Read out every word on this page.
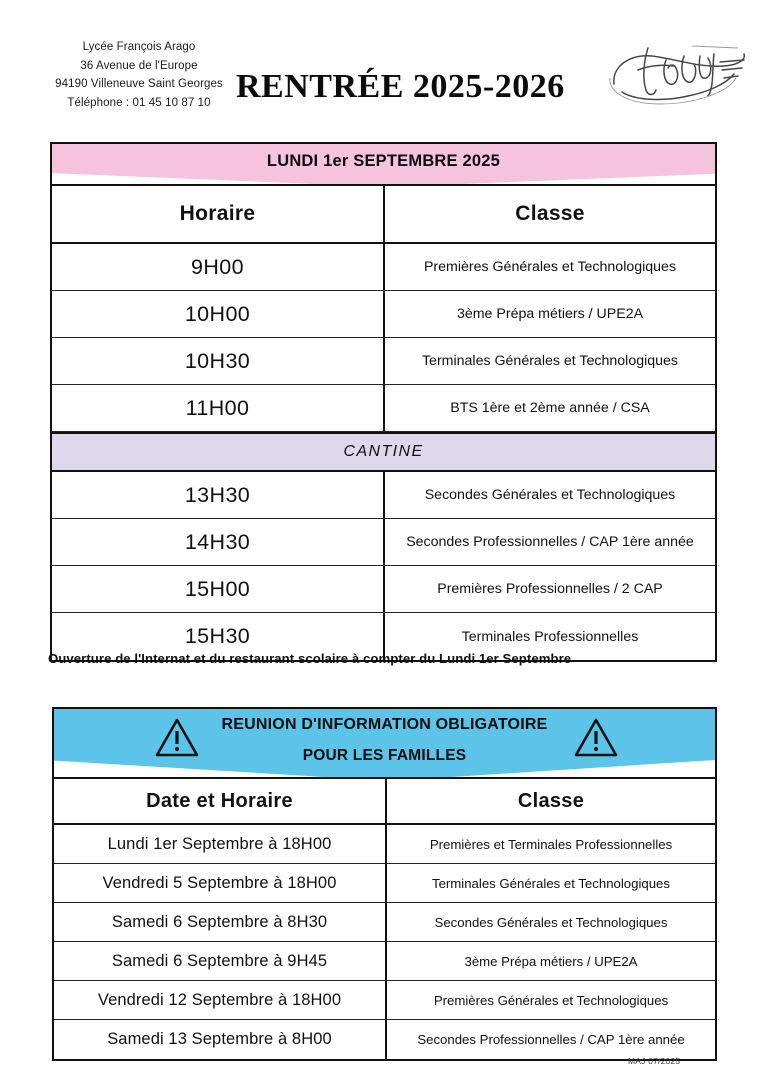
Lycée François Arago
36 Avenue de l'Europe
94190 Villeneuve Saint Georges
Téléphone : 01 45 10 87 10 RENTRÉE 2025-2026
LUNDI 1er SEPTEMBRE 2025
Horaire	Classe
9H00	Premières Générales et Technologiques
10H00	3ème Prépa métiers / UPE2A
10H30	Terminales Générales et Technologiques
11H00	BTS 1ère et 2ème année / CSA
CANTINE
13H30	Secondes Générales et Technologiques
14H30	Secondes Professionnelles / CAP 1ère année
15H00	Premières Professionnelles / 2 CAP
15H30	Terminales Professionnelles
Ouverture de l'Internat et du restaurant scolaire à compter du Lundi 1er Septembre
REUNION D'INFORMATION OBLIGATOIRE
POUR LES FAMILLES
Date et Horaire	Classe
Lundi 1er Septembre à 18H00	Premières et Terminales Professionnelles
Vendredi 5 Septembre à 18H00	Terminales Générales et Technologiques
Samedi 6 Septembre à 8H30	Secondes Générales et Technologiques
Samedi 6 Septembre à 9H45	3ème Prépa métiers / UPE2A
Vendredi 12 Septembre à 18H00	Premières Générales et Technologiques
Samedi 13 Septembre à 8H00	Secondes Professionnelles / CAP 1ère année
MAJ 07/2025
